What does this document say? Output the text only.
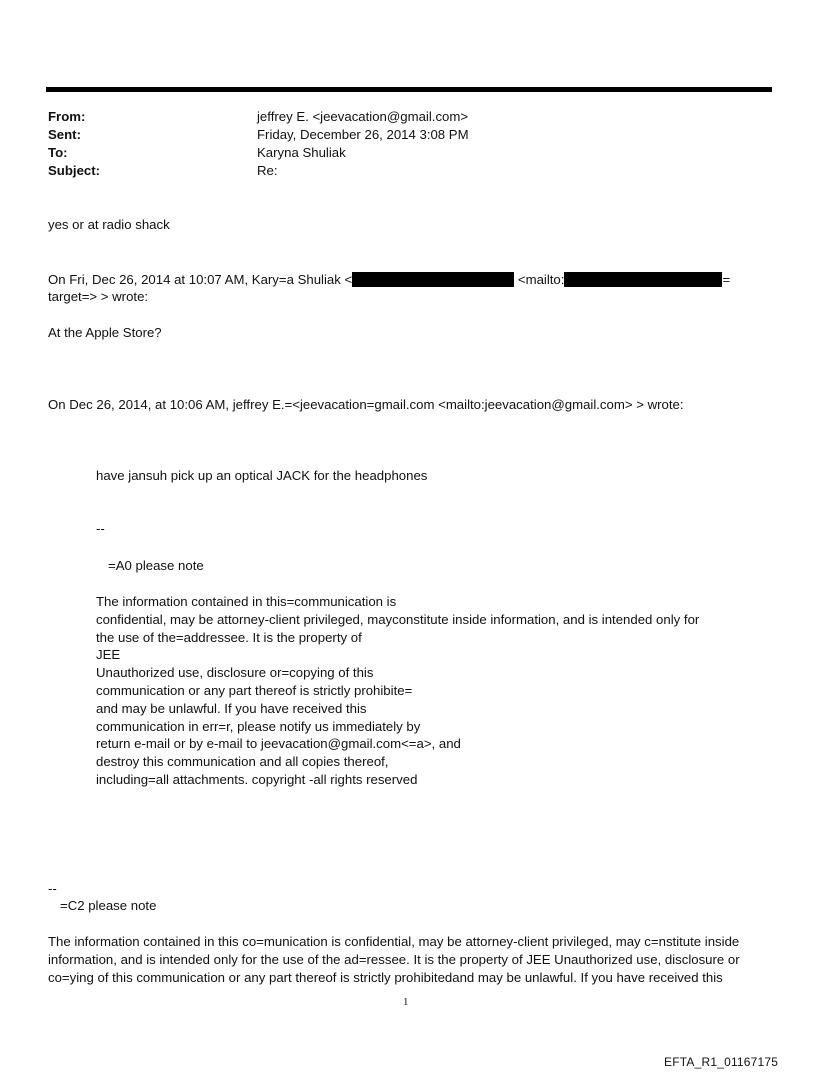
From:	jeffrey E. <jeevacation@gmail.com>
Sent:	Friday, December 26, 2014 3:08 PM
To:	Karyna Shuliak
Subject:	Re:
yes or at radio shack
On Fri, Dec 26, 2014 at 10:07 AM, Kary=a Shuliak <	<mailto:	=
target=> > wrote:
At the Apple Store?
On Dec 26, 2014, at 10:06 AM, jeffrey E.=<jeevacation=gmail.com <mailto:jeevacation@gmail.com> > wrote:
have jansuh pick up an optical JACK for the headphones
--
=A0 please note
The information contained in this=communication is
confidential, may be attorney-client privileged, mayconstitute inside information, and is intended only for
the use of the=addressee. It is the property of
JEE
Unauthorized use, disclosure or=copying of this
communication or any part thereof is strictly prohibite=
and may be unlawful. If you have received this
communication in err=r, please notify us immediately by
return e-mail or by e-mail to jeevacation@gmail.com<=a>, and
destroy this communication and all copies thereof,
including=all attachments. copyright -all rights reserved
--
=C2 please note
The information contained in this co=munication is confidential, may be attorney-client privileged, may c=nstitute inside information, and is intended only for the use of the ad=ressee. It is the property of JEE Unauthorized use, disclosure or co=ying of this communication or any part thereof is strictly prohibitedand may be unlawful. If you have received this
1
EFTA_R1_01167175
